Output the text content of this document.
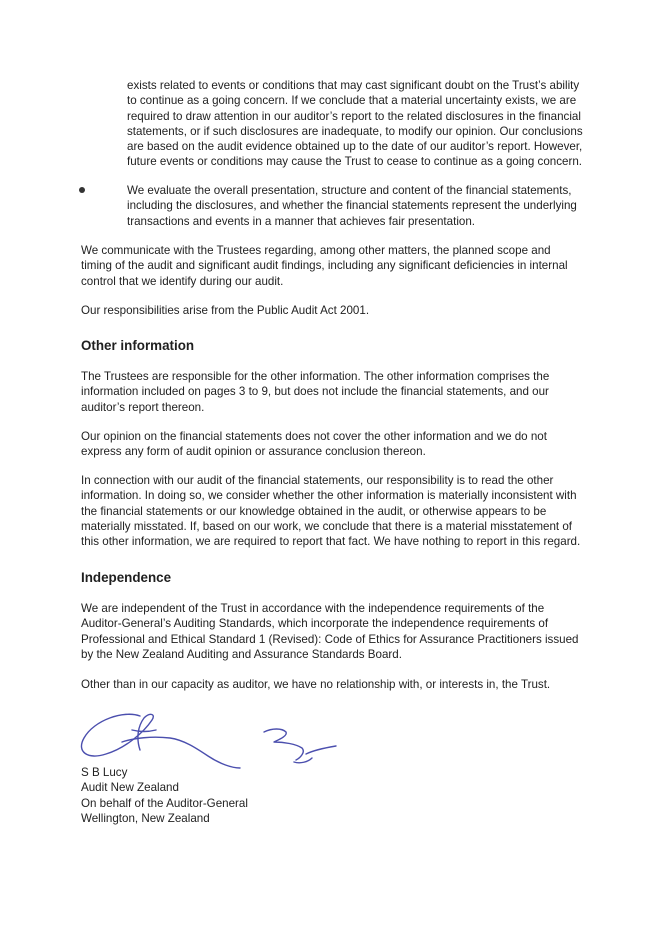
exists related to events or conditions that may cast significant doubt on the Trust’s ability to continue as a going concern. If we conclude that a material uncertainty exists, we are required to draw attention in our auditor’s report to the related disclosures in the financial statements, or if such disclosures are inadequate, to modify our opinion. Our conclusions are based on the audit evidence obtained up to the date of our auditor’s report. However, future events or conditions may cause the Trust to cease to continue as a going concern.

We evaluate the overall presentation, structure and content of the financial statements, including the disclosures, and whether the financial statements represent the underlying transactions and events in a manner that achieves fair presentation.

We communicate with the Trustees regarding, among other matters, the planned scope and timing of the audit and significant audit findings, including any significant deficiencies in internal control that we identify during our audit.

Our responsibilities arise from the Public Audit Act 2001.

Other information

The Trustees are responsible for the other information. The other information comprises the information included on pages 3 to 9, but does not include the financial statements, and our auditor’s report thereon.

Our opinion on the financial statements does not cover the other information and we do not express any form of audit opinion or assurance conclusion thereon.

In connection with our audit of the financial statements, our responsibility is to read the other information. In doing so, we consider whether the other information is materially inconsistent with the financial statements or our knowledge obtained in the audit, or otherwise appears to be materially misstated. If, based on our work, we conclude that there is a material misstatement of this other information, we are required to report that fact. We have nothing to report in this regard.

Independence

We are independent of the Trust in accordance with the independence requirements of the Auditor-General’s Auditing Standards, which incorporate the independence requirements of Professional and Ethical Standard 1 (Revised): Code of Ethics for Assurance Practitioners issued by the New Zealand Auditing and Assurance Standards Board.

Other than in our capacity as auditor, we have no relationship with, or interests in, the Trust.

S B Lucy
Audit New Zealand
On behalf of the Auditor-General
Wellington, New Zealand
